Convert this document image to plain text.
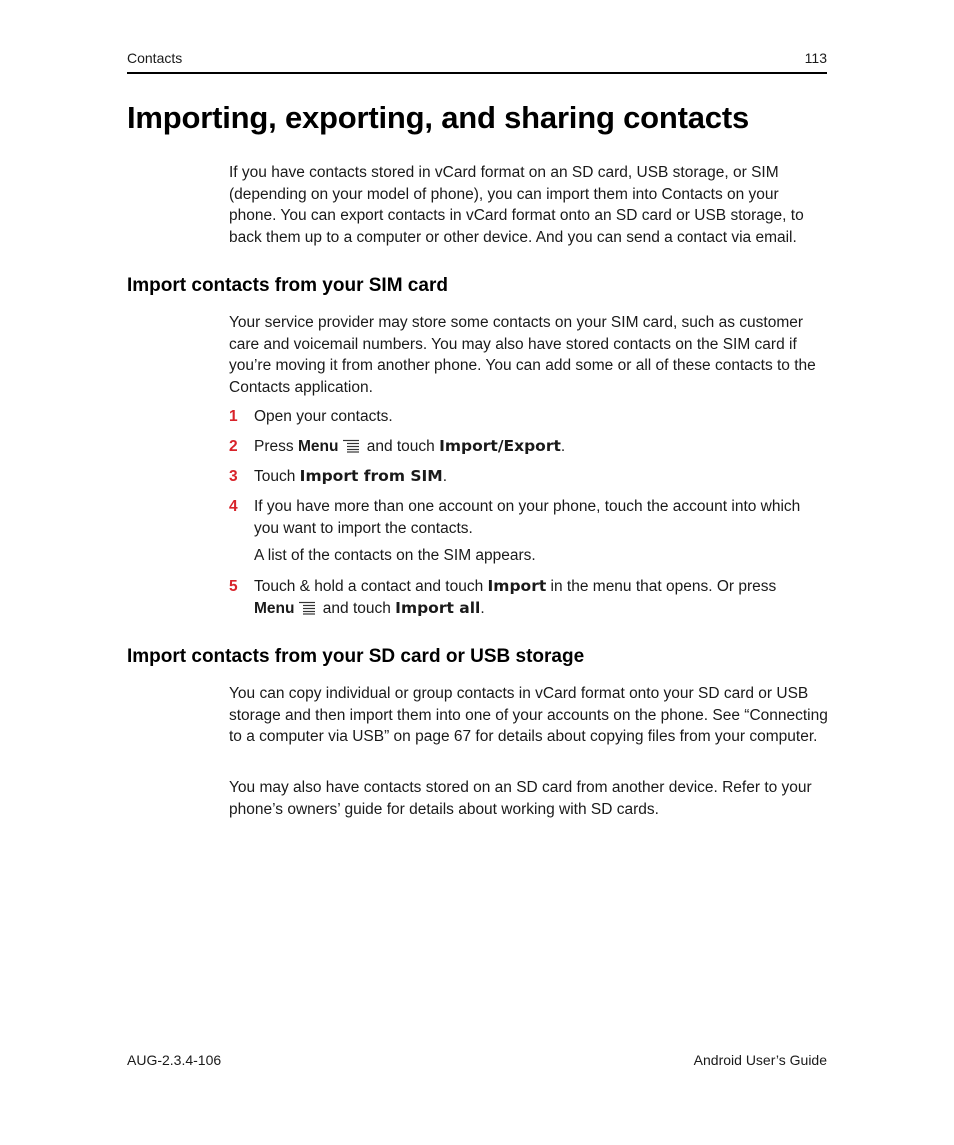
Contacts	113
Importing, exporting, and sharing contacts

If you have contacts stored in vCard format on an SD card, USB storage, or SIM (depending on your model of phone), you can import them into Contacts on your phone. You can export contacts in vCard format onto an SD card or USB storage, to back them up to a computer or other device. And you can send a contact via email.

Import contacts from your SIM card

Your service provider may store some contacts on your SIM card, such as customer care and voicemail numbers. You may also have stored contacts on the SIM card if you’re moving it from another phone. You can add some or all of these contacts to the Contacts application.

1 Open your contacts.
2 Press Menu and touch Import/Export.
3 Touch Import from SIM.
4 If you have more than one account on your phone, touch the account into which you want to import the contacts.
A list of the contacts on the SIM appears.
5 Touch & hold a contact and touch Import in the menu that opens. Or press
Menu and touch Import all.
Import contacts from your SD card or USB storage

You can copy individual or group contacts in vCard format onto your SD card or USB storage and then import them into one of your accounts on the phone. See “Connecting to a computer via USB” on page 67 for details about copying files from your computer.

You may also have contacts stored on an SD card from another device. Refer to your phone’s owners’ guide for details about working with SD cards.

AUG-2.3.4-106	Android User’s Guide
